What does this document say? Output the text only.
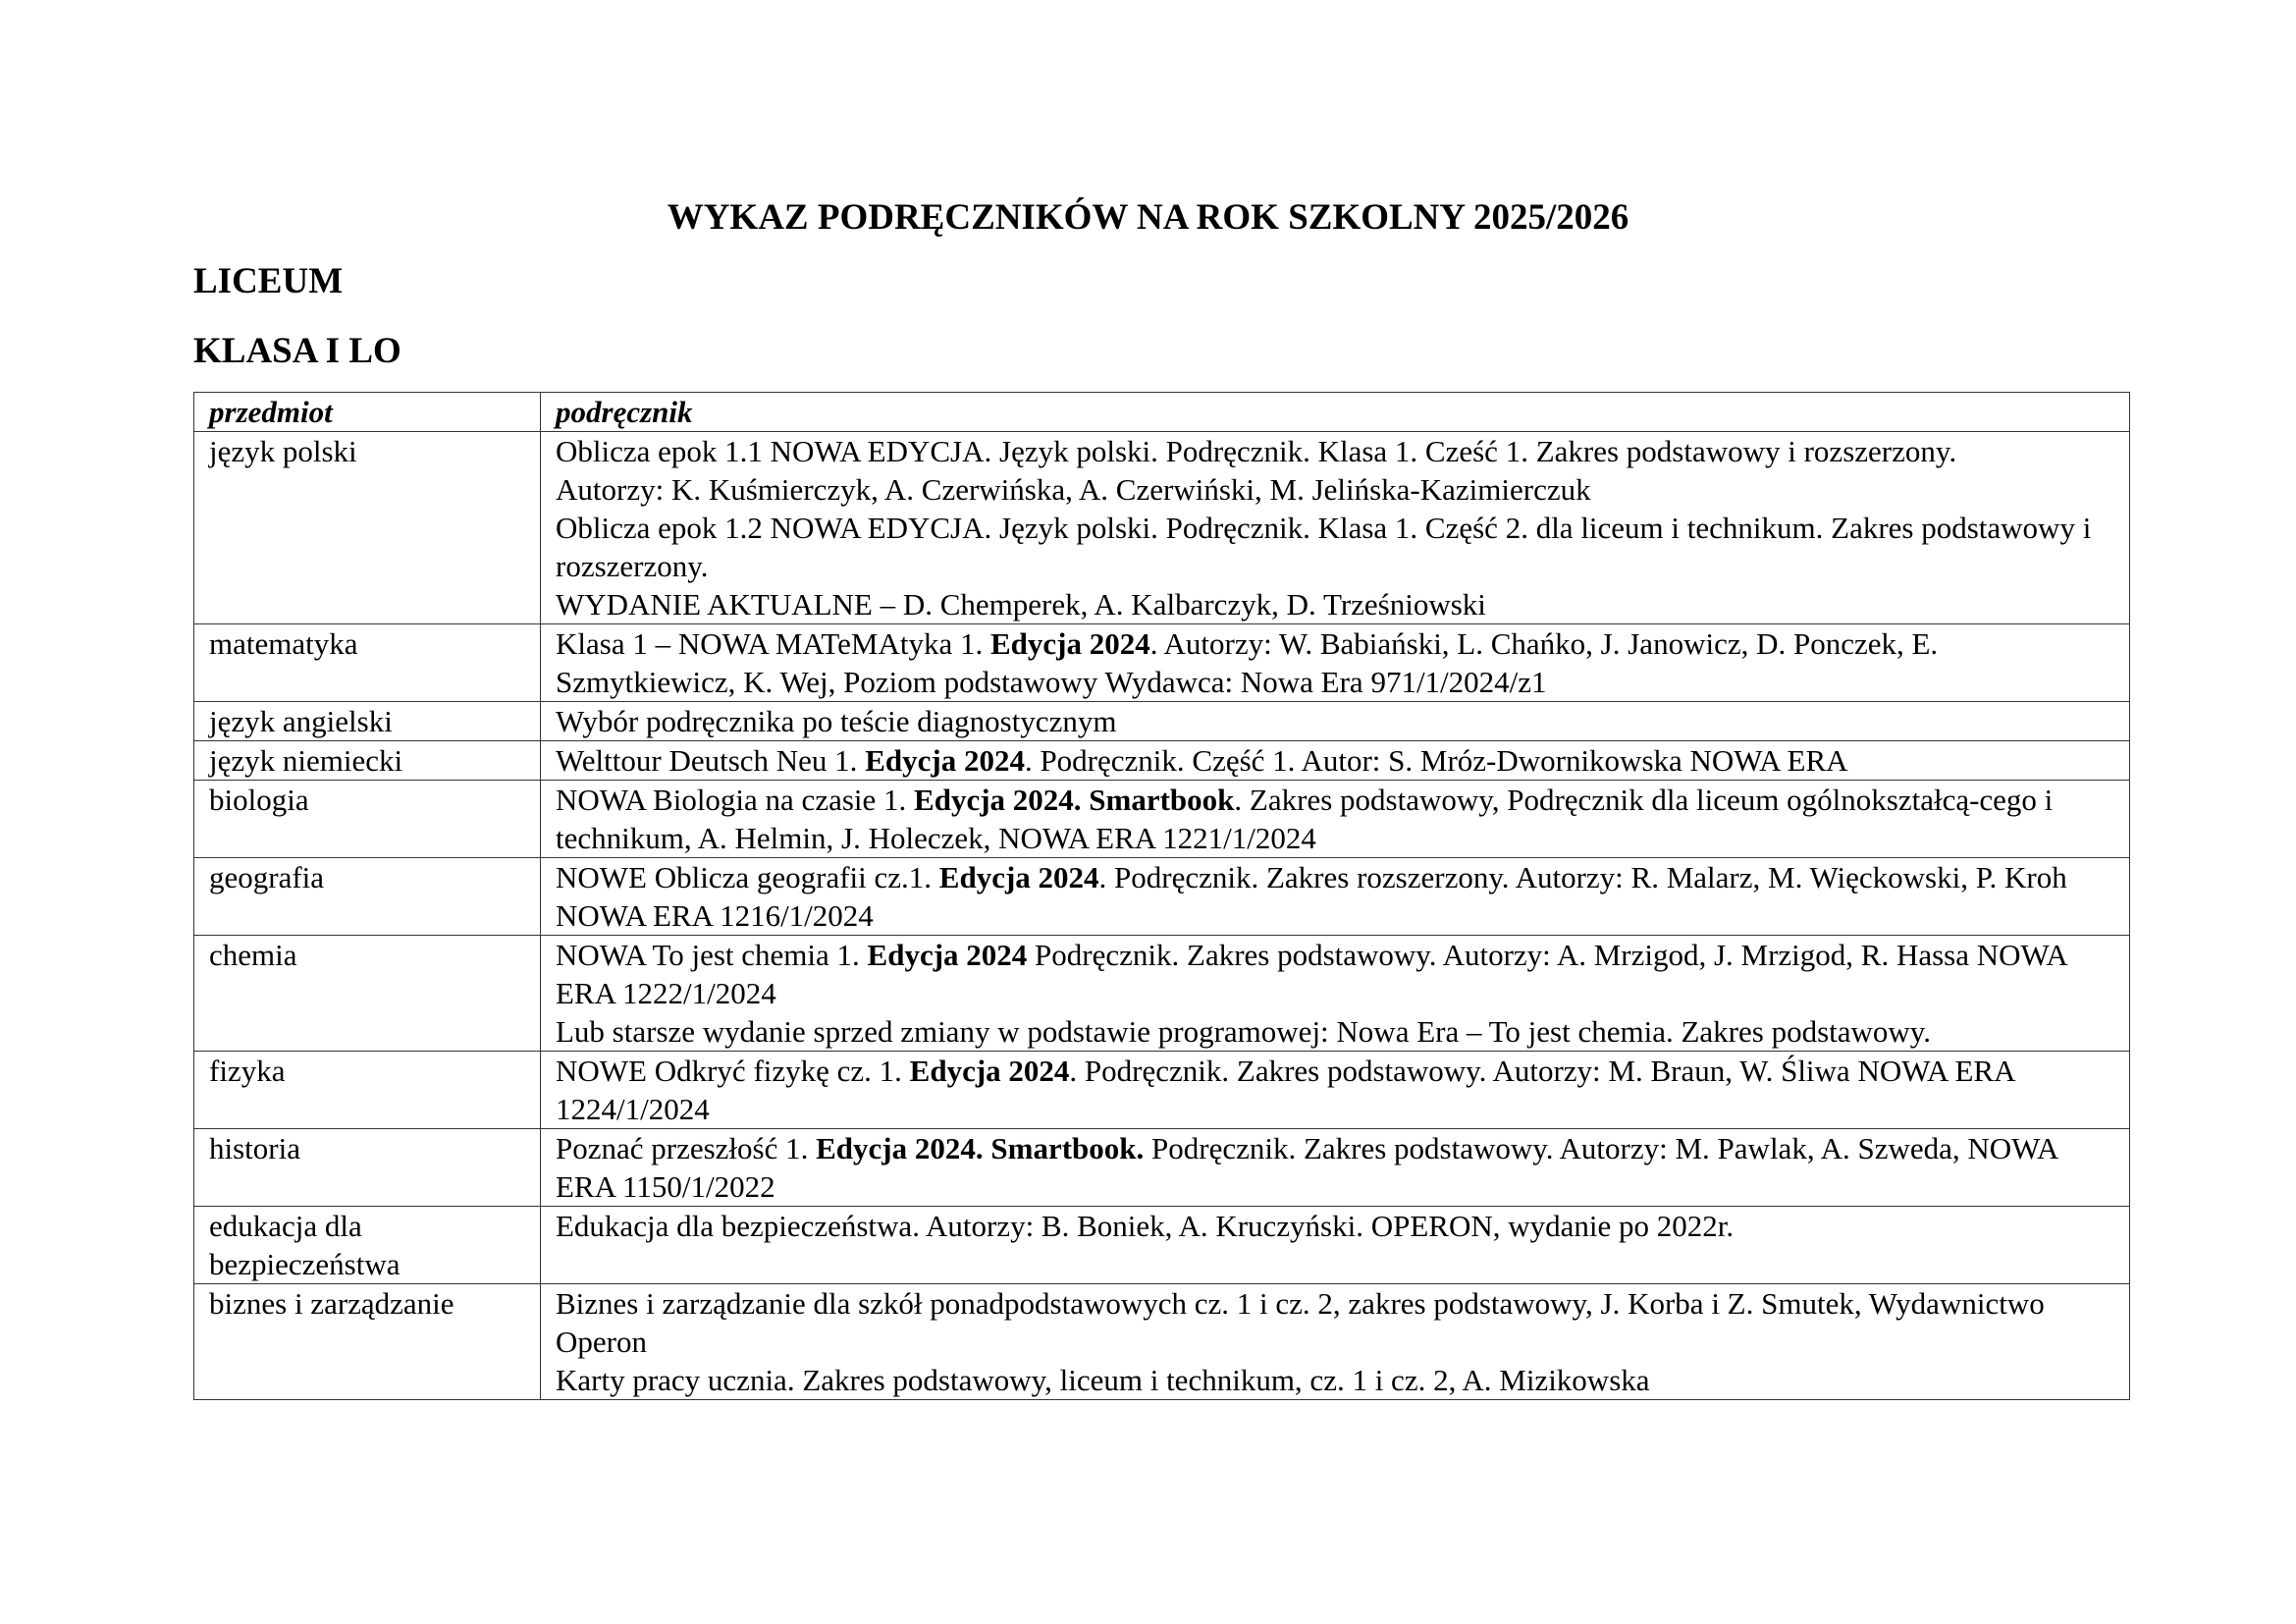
WYKAZ PODRĘCZNIKÓW NA ROK SZKOLNY 2025/2026
LICEUM
KLASA I LO
przedmiot	podręcznik
język polski	Oblicza epok 1.1 NOWA EDYCJA. Język polski. Podręcznik. Klasa 1. Cześć 1. Zakres podstawowy i rozszerzony.
Autorzy: K. Kuśmierczyk, A. Czerwińska, A. Czerwiński, M. Jelińska-Kazimierczuk
Oblicza epok 1.2 NOWA EDYCJA. Język polski. Podręcznik. Klasa 1. Część 2. dla liceum i technikum. Zakres podstawowy i rozszerzony.
WYDANIE AKTUALNE – D. Chemperek, A. Kalbarczyk, D. Trześniowski

matematyka	Klasa 1 – NOWA MATeMAtyka 1. Edycja 2024. Autorzy: W. Babiański, L. Chańko, J. Janowicz, D. Ponczek, E. Szmytkiewicz, K. Wej, Poziom podstawowy Wydawca: Nowa Era 971/1/2024/z1
język angielski	Wybór podręcznika po teście diagnostycznym
język niemiecki	Welttour Deutsch Neu 1. Edycja 2024. Podręcznik. Część 1. Autor: S. Mróz-Dwornikowska NOWA ERA
biologia	NOWA Biologia na czasie 1. Edycja 2024. Smartbook. Zakres podstawowy, Podręcznik dla liceum ogólnokształcą-cego i technikum, A. Helmin, J. Holeczek, NOWA ERA 1221/1/2024
geografia	NOWE Oblicza geografii cz.1. Edycja 2024. Podręcznik. Zakres rozszerzony. Autorzy: R. Malarz, M. Więckowski, P. Kroh NOWA ERA 1216/1/2024
chemia	NOWA To jest chemia 1. Edycja 2024 Podręcznik. Zakres podstawowy. Autorzy: A. Mrzigod, J. Mrzigod, R. Hassa NOWA ERA 1222/1/2024
Lub starsze wydanie sprzed zmiany w podstawie programowej: Nowa Era – To jest chemia. Zakres podstawowy.

fizyka	NOWE Odkryć fizykę cz. 1. Edycja 2024. Podręcznik. Zakres podstawowy. Autorzy: M. Braun, W. Śliwa NOWA ERA 1224/1/2024
historia	Poznać przeszłość 1. Edycja 2024. Smartbook. Podręcznik. Zakres podstawowy. Autorzy: M. Pawlak, A. Szweda, NOWA ERA 1150/1/2022
edukacja dla bezpieczeństwa	Edukacja dla bezpieczeństwa. Autorzy: B. Boniek, A. Kruczyński. OPERON, wydanie po 2022r.
biznes i zarządzanie	Biznes i zarządzanie dla szkół ponadpodstawowych cz. 1 i cz. 2, zakres podstawowy, J. Korba i Z. Smutek, Wydawnictwo Operon
Karty pracy ucznia. Zakres podstawowy, liceum i technikum, cz. 1 i cz. 2, A. Mizikowska
